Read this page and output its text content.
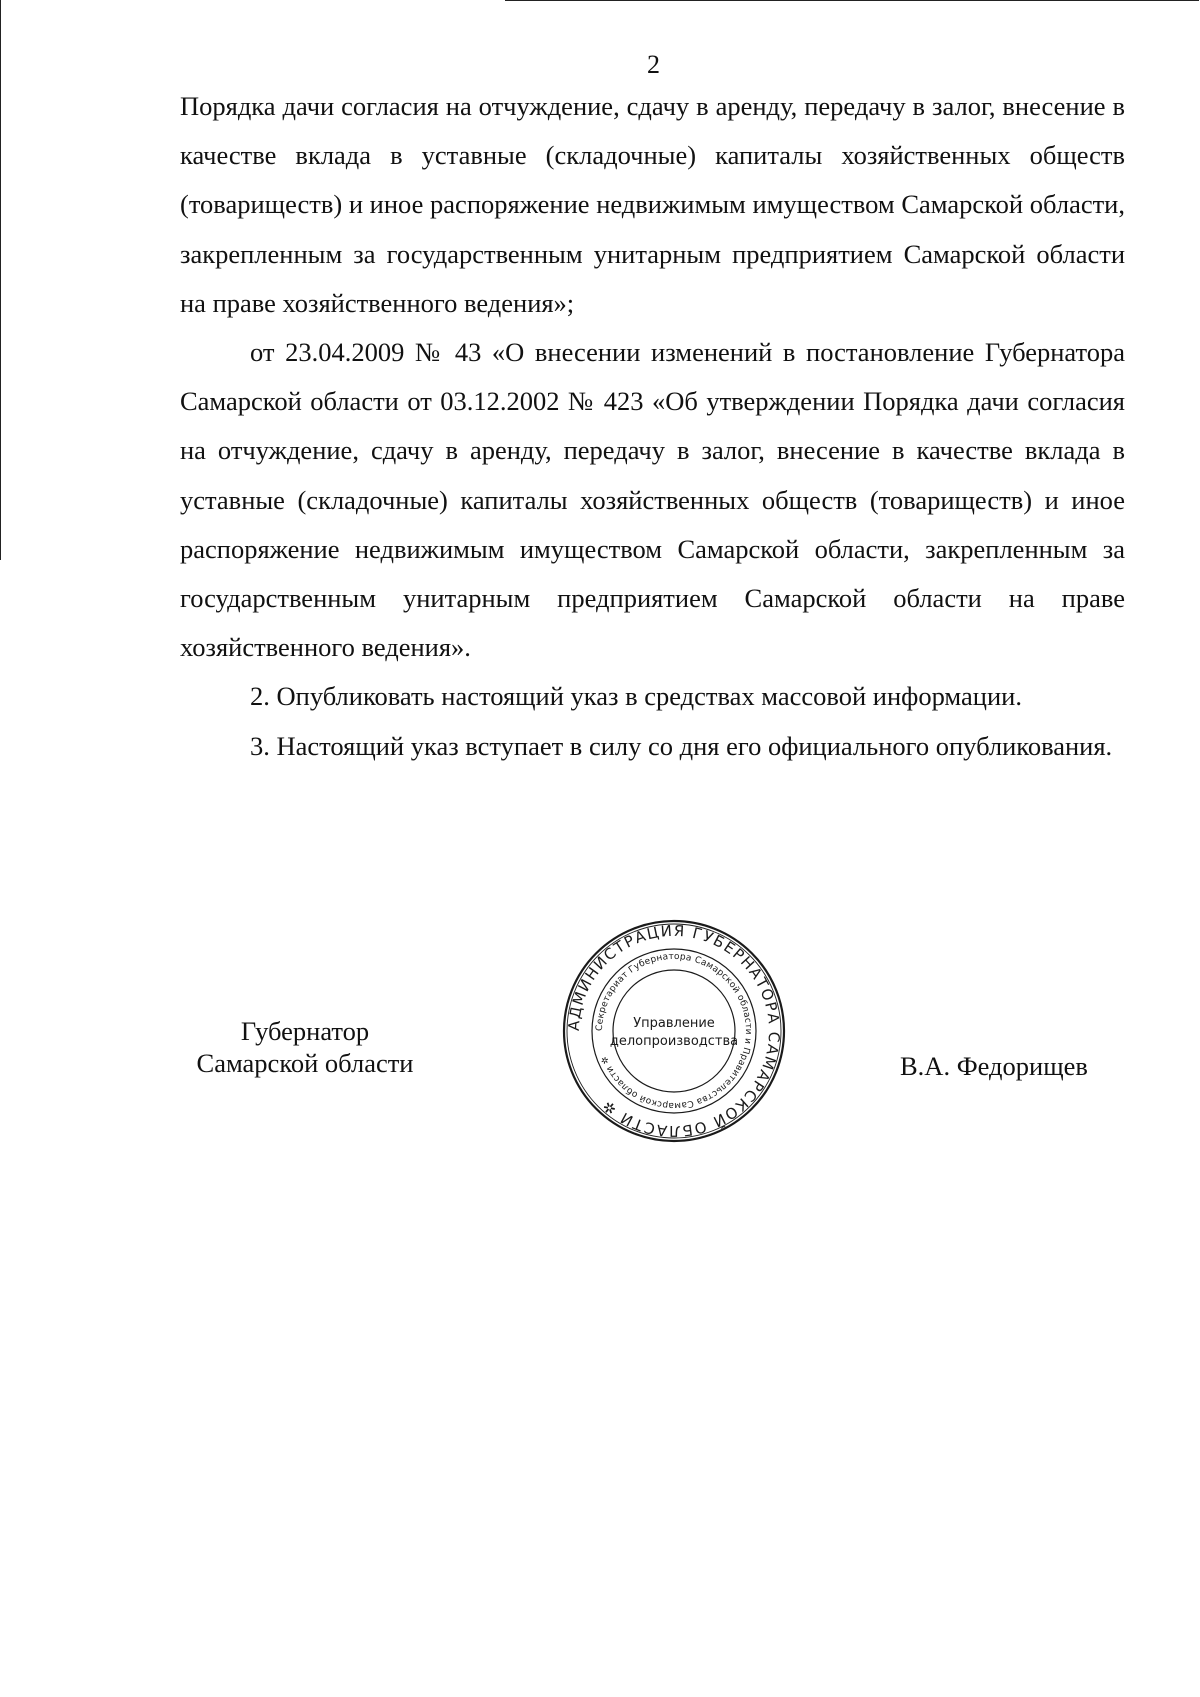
2

Порядка дачи согласия на отчуждение, сдачу в аренду, передачу в залог, внесение в качестве вклада в уставные (складочные) капиталы хозяйственных обществ (товариществ) и иное распоряжение недвижимым имуществом Самарской области, закрепленным за государственным унитарным предприятием Самарской области на праве хозяйственного ведения»;

от 23.04.2009 № 43 «О внесении изменений в постановление Губернатора Самарской области от 03.12.2002 № 423 «Об утверждении Порядка дачи согласия на отчуждение, сдачу в аренду, передачу в залог, внесение в качестве вклада в уставные (складочные) капиталы хозяйственных обществ (товариществ) и иное распоряжение недвижимым имуществом Самарской области, закрепленным за государственным унитарным предприятием Самарской области на праве хозяйственного ведения».

2. Опубликовать настоящий указ в средствах массовой информации.

3. Настоящий указ вступает в силу со дня его официального опубликования.

Губернатор
Самарской области	В.А. Федорищев
АДМИНИСТРАЦИЯ ГУБЕРНАТОРА САМАРСКОЙ ОБЛАСТИ ✲
Секретариат Губернатора Самарской области и Правительства Самарской области ✲
Управление
делопроизводства
